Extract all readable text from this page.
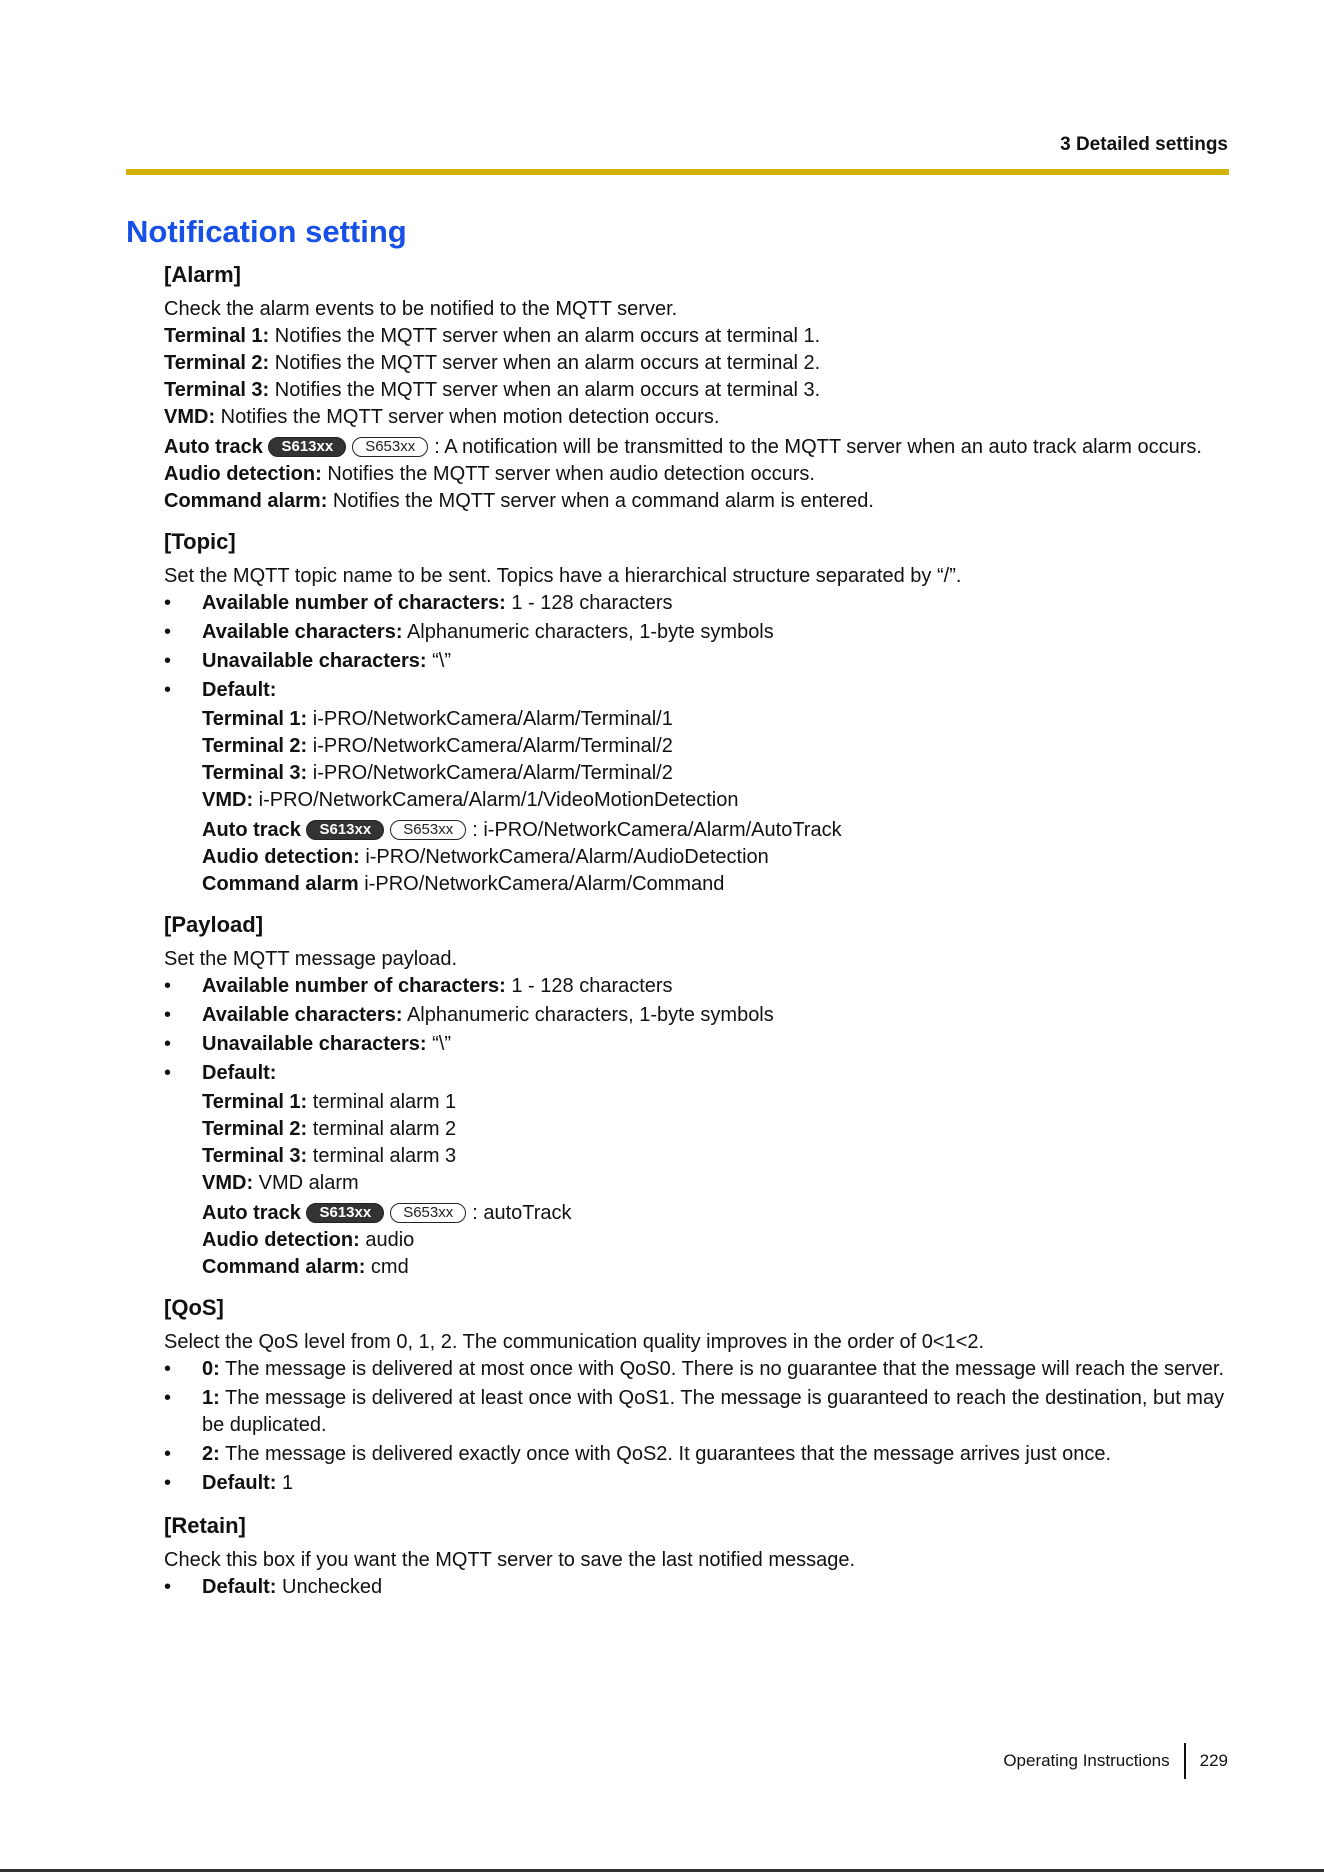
3 Detailed settings
Notification setting
[Alarm]

Check the alarm events to be notified to the MQTT server.

Terminal 1: Notifies the MQTT server when an alarm occurs at terminal 1.

Terminal 2: Notifies the MQTT server when an alarm occurs at terminal 2.

Terminal 3: Notifies the MQTT server when an alarm occurs at terminal 3.

VMD: Notifies the MQTT server when motion detection occurs.

Auto track S613xx S653xx : A notification will be transmitted to the MQTT server when an auto track alarm occurs.

Audio detection: Notifies the MQTT server when audio detection occurs.

Command alarm: Notifies the MQTT server when a command alarm is entered.

[Topic]

Set the MQTT topic name to be sent. Topics have a hierarchical structure separated by “/”.

• Available number of characters: 1 - 128 characters
• Available characters: Alphanumeric characters, 1-byte symbols
• Unavailable characters: “\”
• Default:

Terminal 1: i-PRO/NetworkCamera/Alarm/Terminal/1

Terminal 2: i-PRO/NetworkCamera/Alarm/Terminal/2

Terminal 3: i-PRO/NetworkCamera/Alarm/Terminal/2

VMD: i-PRO/NetworkCamera/Alarm/1/VideoMotionDetection

Auto track S613xx S653xx : i-PRO/NetworkCamera/Alarm/AutoTrack

Audio detection: i-PRO/NetworkCamera/Alarm/AudioDetection

Command alarm i-PRO/NetworkCamera/Alarm/Command

[Payload]

Set the MQTT message payload.

• Available number of characters: 1 - 128 characters
• Available characters: Alphanumeric characters, 1-byte symbols
• Unavailable characters: “\”
• Default:

Terminal 1: terminal alarm 1

Terminal 2: terminal alarm 2

Terminal 3: terminal alarm 3

VMD: VMD alarm

Auto track S613xx S653xx : autoTrack

Audio detection: audio

Command alarm: cmd

[QoS]

Select the QoS level from 0, 1, 2. The communication quality improves in the order of 0<1<2.

• 0: The message is delivered at most once with QoS0. There is no guarantee that the message will reach the server.
• 1: The message is delivered at least once with QoS1. The message is guaranteed to reach the destination, but may be duplicated.
• 2: The message is delivered exactly once with QoS2. It guarantees that the message arrives just once.
• Default: 1
[Retain]

Check this box if you want the MQTT server to save the last notified message.

• Default: Unchecked
Operating Instructions 229
